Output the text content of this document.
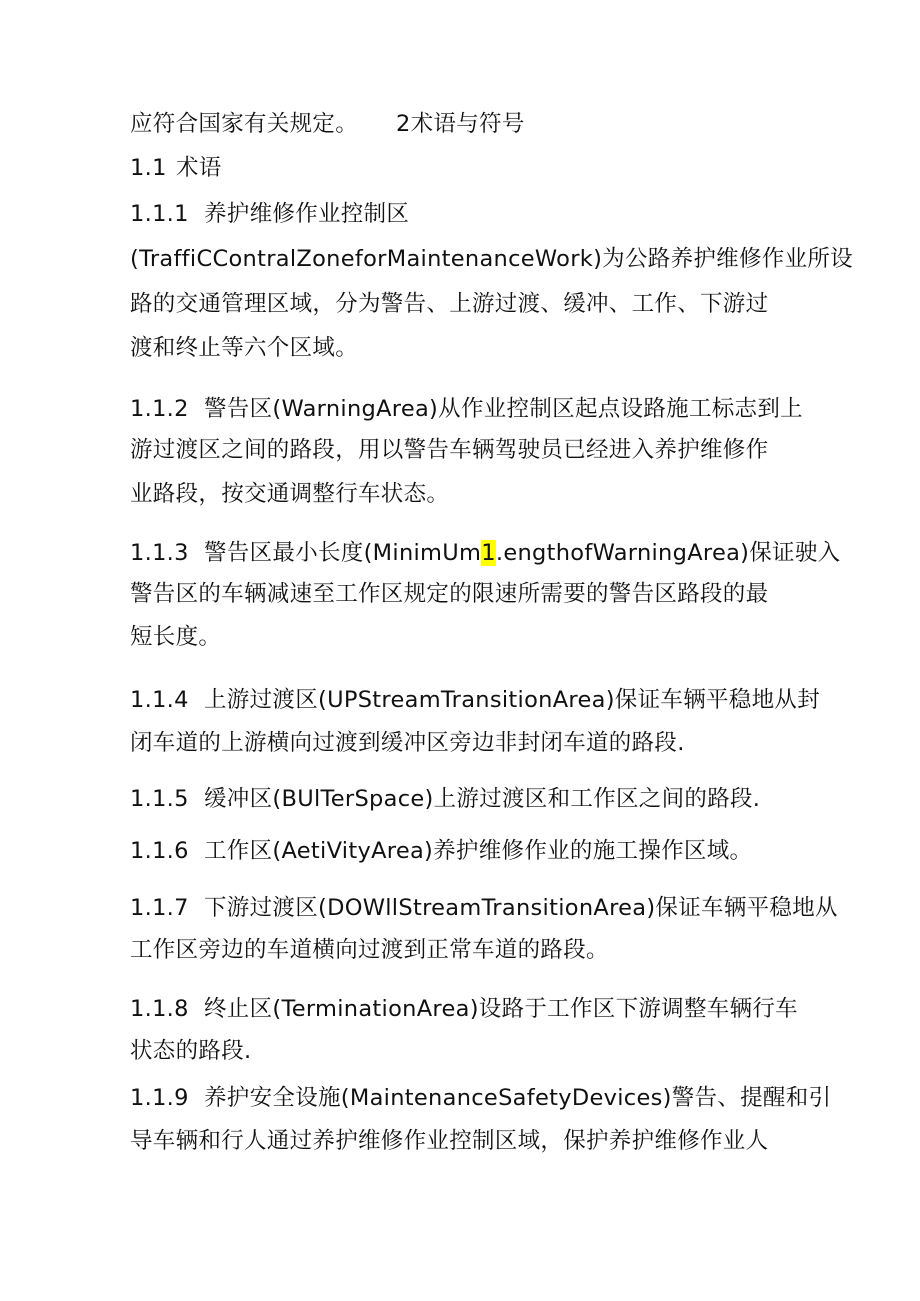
应符合国家有关规定。 2术语与符号
1.1 术语
1.1.1 养护维修作业控制区
(TraffiCContralZoneforMaintenanceWork)为公路养护维修作业所设
路的交通管理区域，分为警告、上游过渡、缓冲、工作、下游过
渡和终止等六个区域。
1.1.2 警告区(WarningArea)从作业控制区起点设路施工标志到上
游过渡区之间的路段，用以警告车辆驾驶员已经进入养护维修作
业路段，按交通调整行车状态。
1.1.3 警告区最小长度(MinimUm1.engthofWarningArea)保证驶入
警告区的车辆减速至工作区规定的限速所需要的警告区路段的最
短长度。
1.1.4 上游过渡区(UPStreamTransitionArea)保证车辆平稳地从封
闭车道的上游横向过渡到缓冲区旁边非封闭车道的路段.
1.1.5 缓冲区(BUlTerSpace)上游过渡区和工作区之间的路段.
1.1.6 工作区(AetiVityArea)养护维修作业的施工操作区域。
1.1.7 下游过渡区(DOWllStreamTransitionArea)保证车辆平稳地从
工作区旁边的车道横向过渡到正常车道的路段。
1.1.8 终止区(TerminationArea)设路于工作区下游调整车辆行车
状态的路段.
1.1.9 养护安全设施(MaintenanceSafetyDevices)警告、提醒和引
导车辆和行人通过养护维修作业控制区域，保护养护维修作业人
